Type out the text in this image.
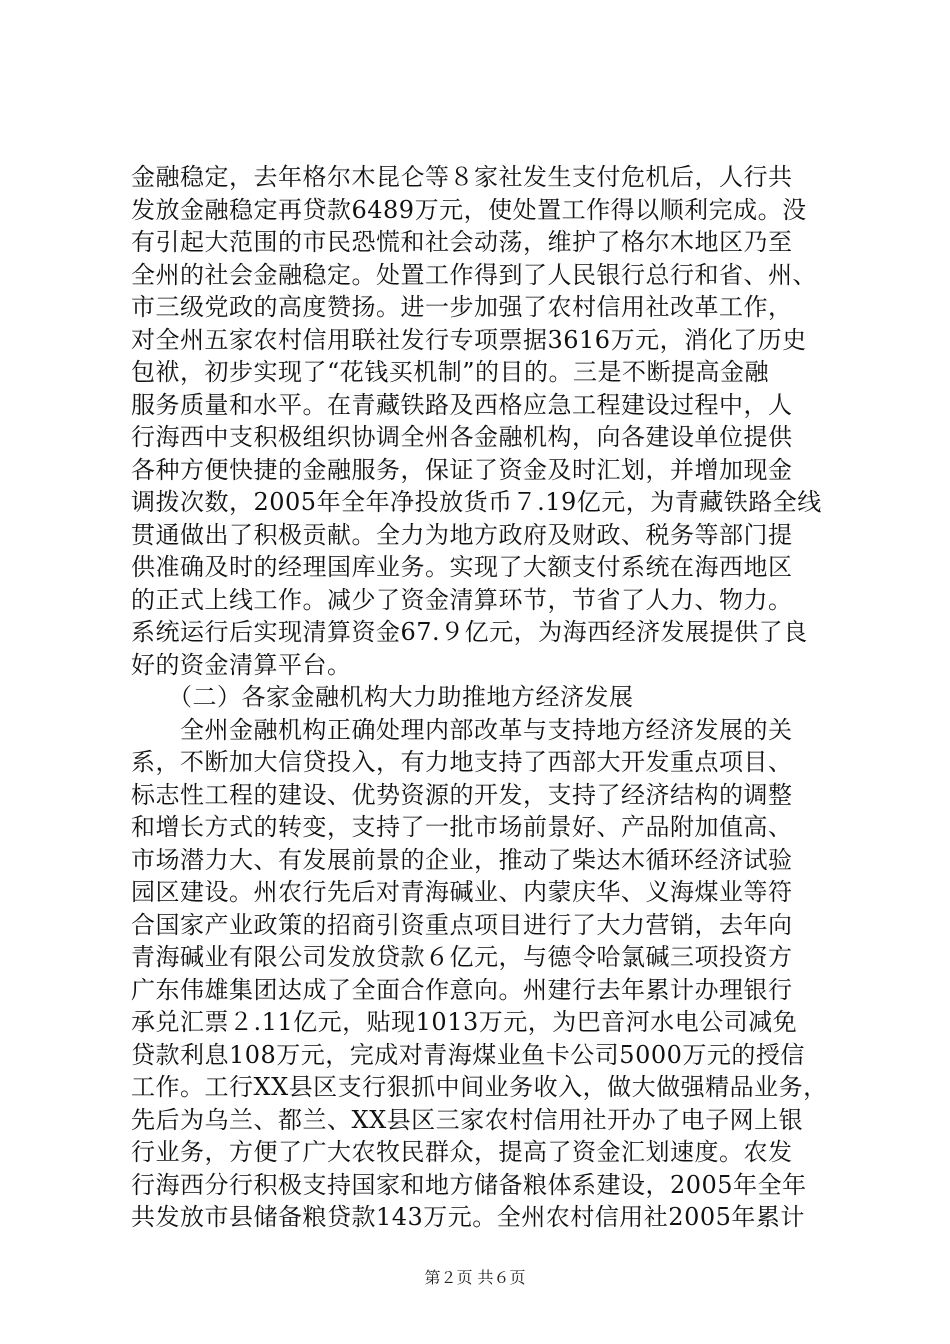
金融稳定，去年格尔木昆仑等８家社发生支付危机后，人行共
发放金融稳定再贷款6489万元，使处置工作得以顺利完成。没
有引起大范围的市民恐慌和社会动荡，维护了格尔木地区乃至
全州的社会金融稳定。处置工作得到了人民银行总行和省、州、
市三级党政的高度赞扬。进一步加强了农村信用社改革工作，
对全州五家农村信用联社发行专项票据3616万元，消化了历史
包袱，初步实现了“花钱买机制”的目的。三是不断提高金融
服务质量和水平。在青藏铁路及西格应急工程建设过程中，人
行海西中支积极组织协调全州各金融机构，向各建设单位提供
各种方便快捷的金融服务，保证了资金及时汇划，并增加现金
调拨次数，2005年全年净投放货币７.19亿元，为青藏铁路全线
贯通做出了积极贡献。全力为地方政府及财政、税务等部门提
供准确及时的经理国库业务。实现了大额支付系统在海西地区
的正式上线工作。减少了资金清算环节，节省了人力、物力。
系统运行后实现清算资金67.９亿元，为海西经济发展提供了良
好的资金清算平台。
　　（二）各家金融机构大力助推地方经济发展
　　全州金融机构正确处理内部改革与支持地方经济发展的关
系，不断加大信贷投入，有力地支持了西部大开发重点项目、
标志性工程的建设、优势资源的开发，支持了经济结构的调整
和增长方式的转变，支持了一批市场前景好、产品附加值高、
市场潜力大、有发展前景的企业，推动了柴达木循环经济试验
园区建设。州农行先后对青海碱业、内蒙庆华、义海煤业等符
合国家产业政策的招商引资重点项目进行了大力营销，去年向
青海碱业有限公司发放贷款６亿元，与德令哈氯碱三项投资方
广东伟雄集团达成了全面合作意向。州建行去年累计办理银行
承兑汇票２.11亿元，贴现1013万元，为巴音河水电公司减免
贷款利息108万元，完成对青海煤业鱼卡公司5000万元的授信
工作。工行XX县区支行狠抓中间业务收入，做大做强精品业务，
先后为乌兰、都兰、XX县区三家农村信用社开办了电子网上银
行业务，方便了广大农牧民群众，提高了资金汇划速度。农发
行海西分行积极支持国家和地方储备粮体系建设，2005年全年
共发放市县储备粮贷款143万元。全州农村信用社2005年累计
第２页 共６页
